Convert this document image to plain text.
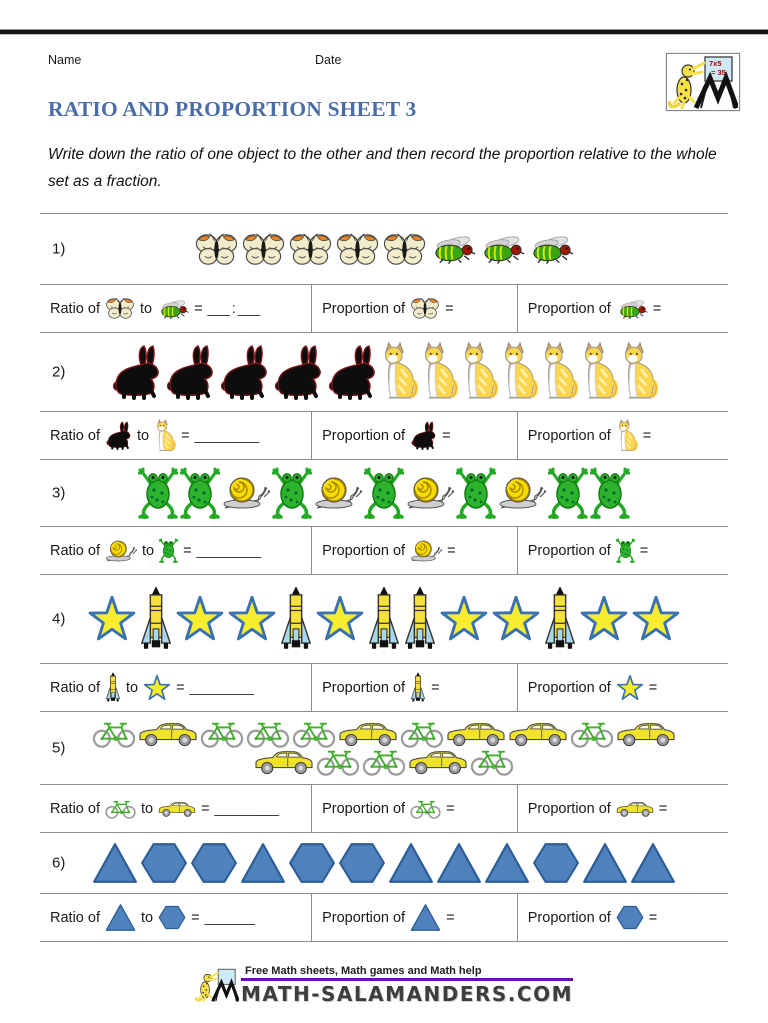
Name	Date	7x5
= 35
RATIO AND PROPORTION SHEET 3

Write down the ratio of one object to the other and then record the proportion relative to the whole set as a fraction.

1)
Ratio of	to	= ___ : ___	Proportion of	=	Proportion of	=
2)
Ratio of	to = _________	Proportion of	=	Proportion of =
3)
Ratio of	to = _________	Proportion of	=	Proportion of =
4)
Ratio of to	= _________	Proportion of =	Proportion of	=
5)
Ratio of	to	= _________	Proportion of	=	Proportion of	=
6)
Ratio of	to	= _______	Proportion of	=	Proportion of	=
Free Math sheets, Math games and Math help
MATH-SALAMANDERS.COM
